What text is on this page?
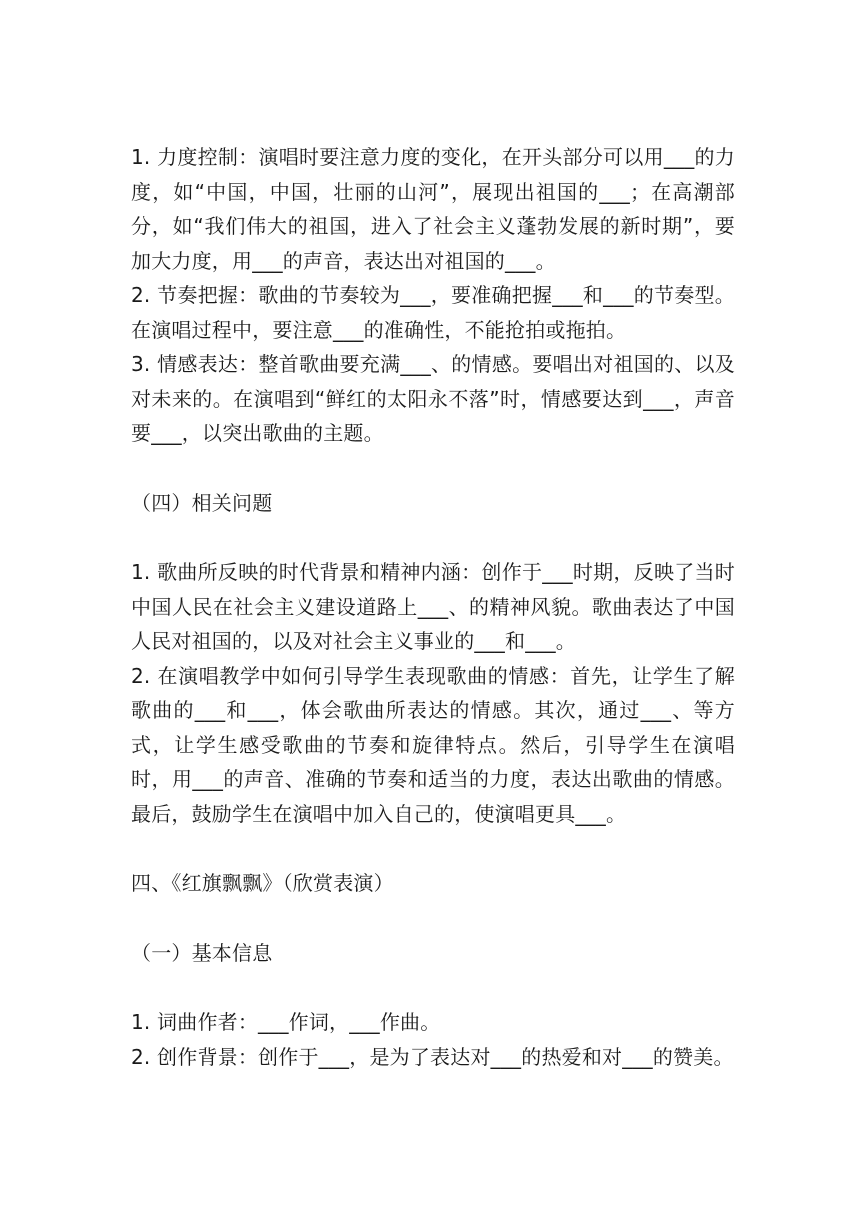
1. 力度控制：演唱时要注意力度的变化，在开头部分可以用___的力度，如“中国，中国，壮丽的山河”，展现出祖国的___；在高潮部分，如“我们伟大的祖国，进入了社会主义蓬勃发展的新时期”，要加大力度，用___的声音，表达出对祖国的___。

2. 节奏把握：歌曲的节奏较为___，要准确把握___和___的节奏型。在演唱过程中，要注意___的准确性，不能抢拍或拖拍。

3. 情感表达：整首歌曲要充满___、的情感。要唱出对祖国的、以及对未来的。在演唱到“鲜红的太阳永不落”时，情感要达到___，声音要___，以突出歌曲的主题。

（四）相关问题

1. 歌曲所反映的时代背景和精神内涵：创作于___时期，反映了当时中国人民在社会主义建设道路上___、的精神风貌。歌曲表达了中国人民对祖国的，以及对社会主义事业的___和___。

2. 在演唱教学中如何引导学生表现歌曲的情感：首先，让学生了解歌曲的___和___，体会歌曲所表达的情感。其次，通过___、等方式，让学生感受歌曲的节奏和旋律特点。然后，引导学生在演唱时，用___的声音、准确的节奏和适当的力度，表达出歌曲的情感。最后，鼓励学生在演唱中加入自己的，使演唱更具___。

四、《红旗飘飘》（欣赏表演）

（一）基本信息

1. 词曲作者：___作词，___作曲。

2. 创作背景：创作于___，是为了表达对___的热爱和对___的赞美。
